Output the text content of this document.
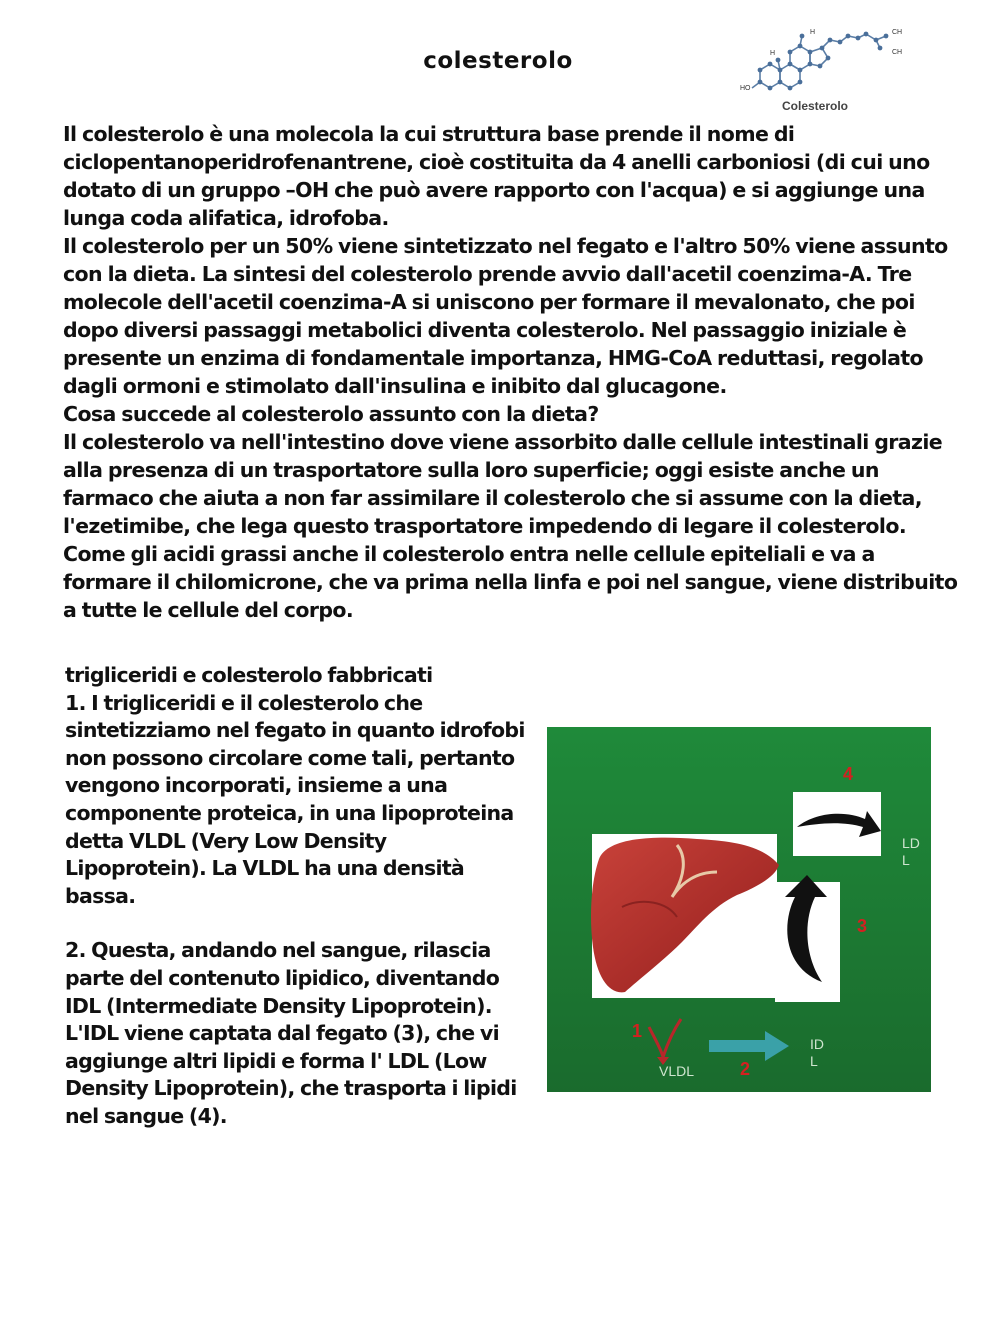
colesterolo
HO
H
H	CH
CH
Colesterolo

Il colesterolo è una molecola la cui struttura base prende il nome di ciclopentanoperidrofenantrene, cioè costituita da 4 anelli carboniosi (di cui uno dotato di un gruppo –OH che può avere rapporto con l'acqua) e si aggiunge una lunga coda alifatica, idrofoba.

Il colesterolo per un 50% viene sintetizzato nel fegato e l'altro 50% viene assunto con la dieta. La sintesi del colesterolo prende avvio dall'acetil coenzima-A. Tre molecole dell'acetil coenzima-A si uniscono per formare il mevalonato, che poi dopo diversi passaggi metabolici diventa colesterolo. Nel passaggio iniziale è presente un enzima di fondamentale importanza, HMG-CoA reduttasi, regolato dagli ormoni e stimolato dall'insulina e inibito dal glucagone.

Cosa succede al colesterolo assunto con la dieta?

Il colesterolo va nell'intestino dove viene assorbito dalle cellule intestinali grazie alla presenza di un trasportatore sulla loro superficie; oggi esiste anche un farmaco che aiuta a non far assimilare il colesterolo che si assume con la dieta, l'ezetimibe, che lega questo trasportatore impedendo di legare il colesterolo. Come gli acidi grassi anche il colesterolo entra nelle cellule epiteliali e va a formare il chilomicrone, che va prima nella linfa e poi nel sangue, viene distribuito a tutte le cellule del corpo.

trigliceridi e colesterolo fabbricati

1. I trigliceridi e il colesterolo che sintetizziamo nel fegato in quanto idrofobi non possono circolare come tali, pertanto vengono incorporati, insieme a una componente proteica, in una lipoproteina detta VLDL (Very Low Density Lipoprotein). La VLDL ha una densità bassa.

2. Questa, andando nel sangue, rilascia parte del contenuto lipidico, diventando IDL (Intermediate Density Lipoprotein).

L'IDL viene captata dal fegato (3), che vi aggiunge altri lipidi e forma l' LDL (Low Density Lipoprotein), che trasporta i lipidi nel sangue (4).

4
3
1
2
LD
L
ID
L
VLDL
